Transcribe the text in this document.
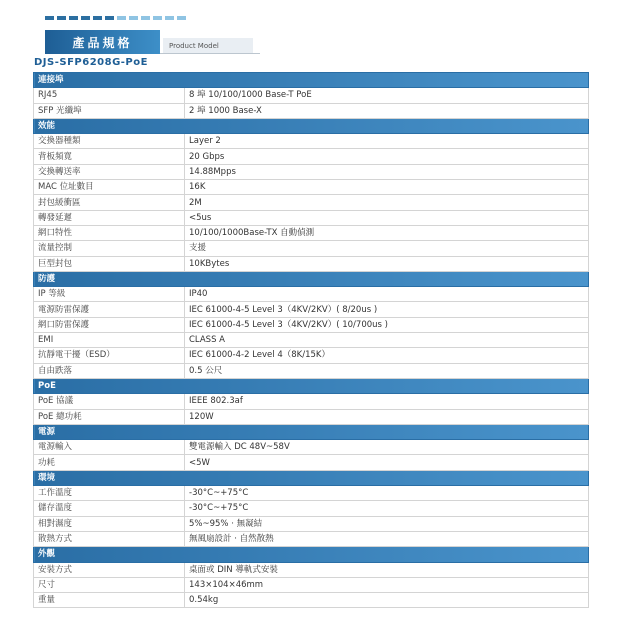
產品規格	Product Model
DJS-SFP6208G-PoE
連接埠	
RJ45	8 埠 10/100/1000 Base-T PoE
SFP 光纖埠	2 埠 1000 Base-X
效能	
交換器種類	Layer 2
背板頻寬	20 Gbps
交換轉送率	14.88Mpps
MAC 位址數目	16K
封包緩衝區	2M
轉發延遲	<5us
網口特性	10/100/1000Base-TX 自動偵測
流量控制	支援
巨型封包	10KBytes
防護	
IP 等級	IP40
電源防雷保護	IEC 61000-4-5 Level 3（4KV/2KV）( 8/20us )
網口防雷保護	IEC 61000-4-5 Level 3（4KV/2KV）( 10/700us )
EMI	CLASS A
抗靜電干擾（ESD）	IEC 61000-4-2 Level 4（8K/15K）
自由跌落	0.5 公尺
PoE	
PoE 協議	IEEE 802.3af
PoE 總功耗	120W
電源	
電源輸入	雙電源輸入 DC 48V~58V
功耗	<5W
環境	
工作溫度	-30°C~+75°C
儲存溫度	-30°C~+75°C
相對濕度	5%~95% · 無凝結
散熱方式	無風扇設計 · 自然散熱
外觀	
安裝方式	桌面或 DIN 導軌式安裝
尺寸	143×104×46mm
重量	0.54kg
